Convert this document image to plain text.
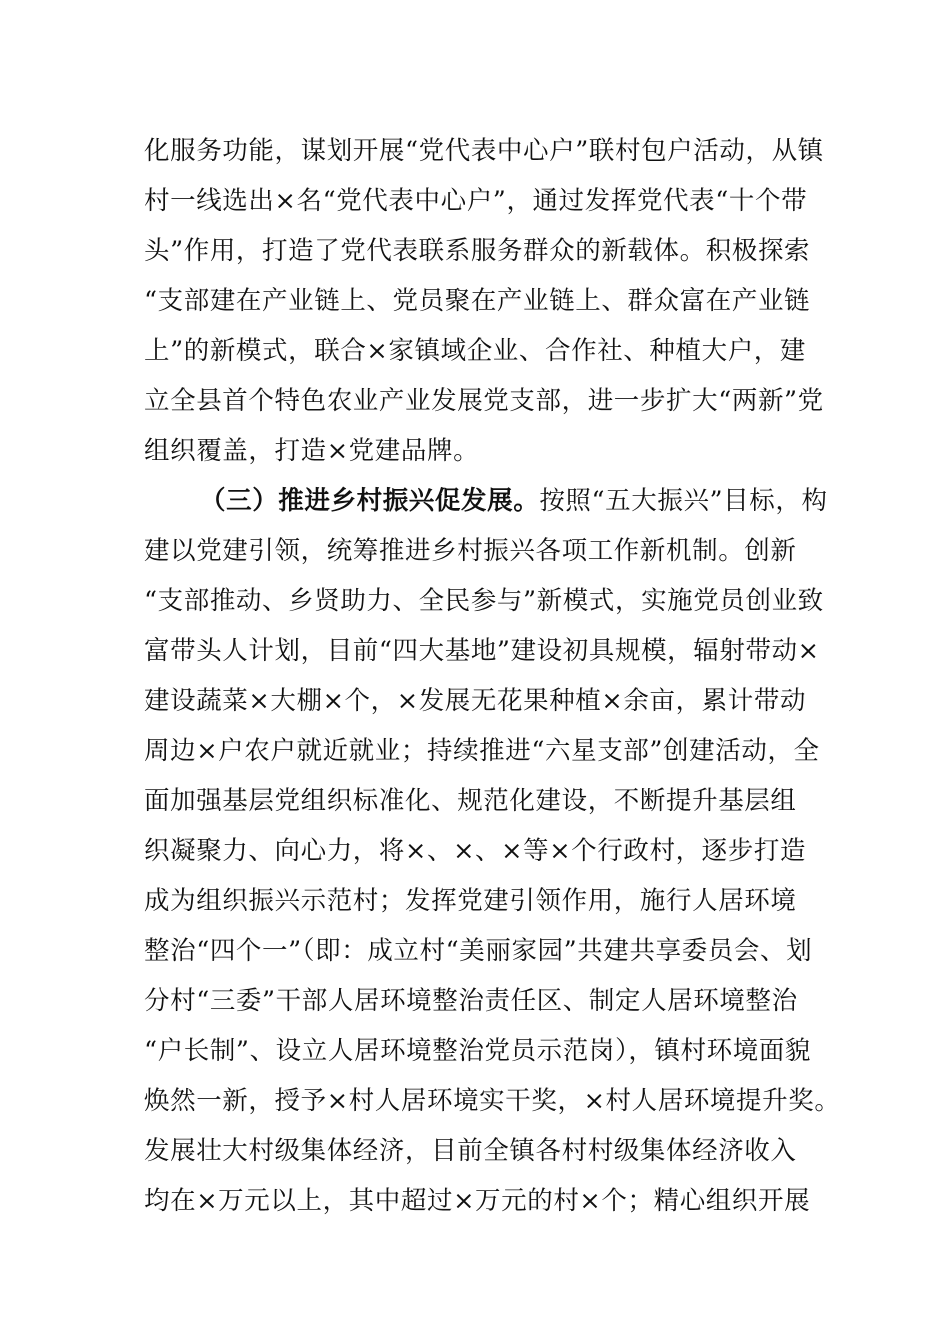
化服务功能，谋划开展“党代表中心户”联村包户活动，从镇
村一线选出×名“党代表中心户”，通过发挥党代表“十个带
头”作用，打造了党代表联系服务群众的新载体。积极探索
“支部建在产业链上、党员聚在产业链上、群众富在产业链
上”的新模式，联合×家镇域企业、合作社、种植大户，建
立全县首个特色农业产业发展党支部，进一步扩大“两新”党
组织覆盖，打造×党建品牌。
（三）推进乡村振兴促发展。按照“五大振兴”目标，构
建以党建引领，统筹推进乡村振兴各项工作新机制。创新
“支部推动、乡贤助力、全民参与”新模式，实施党员创业致
富带头人计划，目前“四大基地”建设初具规模，辐射带动×
建设蔬菜×大棚×个，×发展无花果种植×余亩，累计带动
周边×户农户就近就业；持续推进“六星支部”创建活动，全
面加强基层党组织标准化、规范化建设，不断提升基层组
织凝聚力、向心力，将×、×、×等×个行政村，逐步打造
成为组织振兴示范村；发挥党建引领作用，施行人居环境
整治“四个一”（即：成立村“美丽家园”共建共享委员会、划
分村“三委”干部人居环境整治责任区、制定人居环境整治
“户长制”、设立人居环境整治党员示范岗），镇村环境面貌
焕然一新，授予×村人居环境实干奖，×村人居环境提升奖。
发展壮大村级集体经济，目前全镇各村村级集体经济收入
均在×万元以上，其中超过×万元的村×个；精心组织开展
